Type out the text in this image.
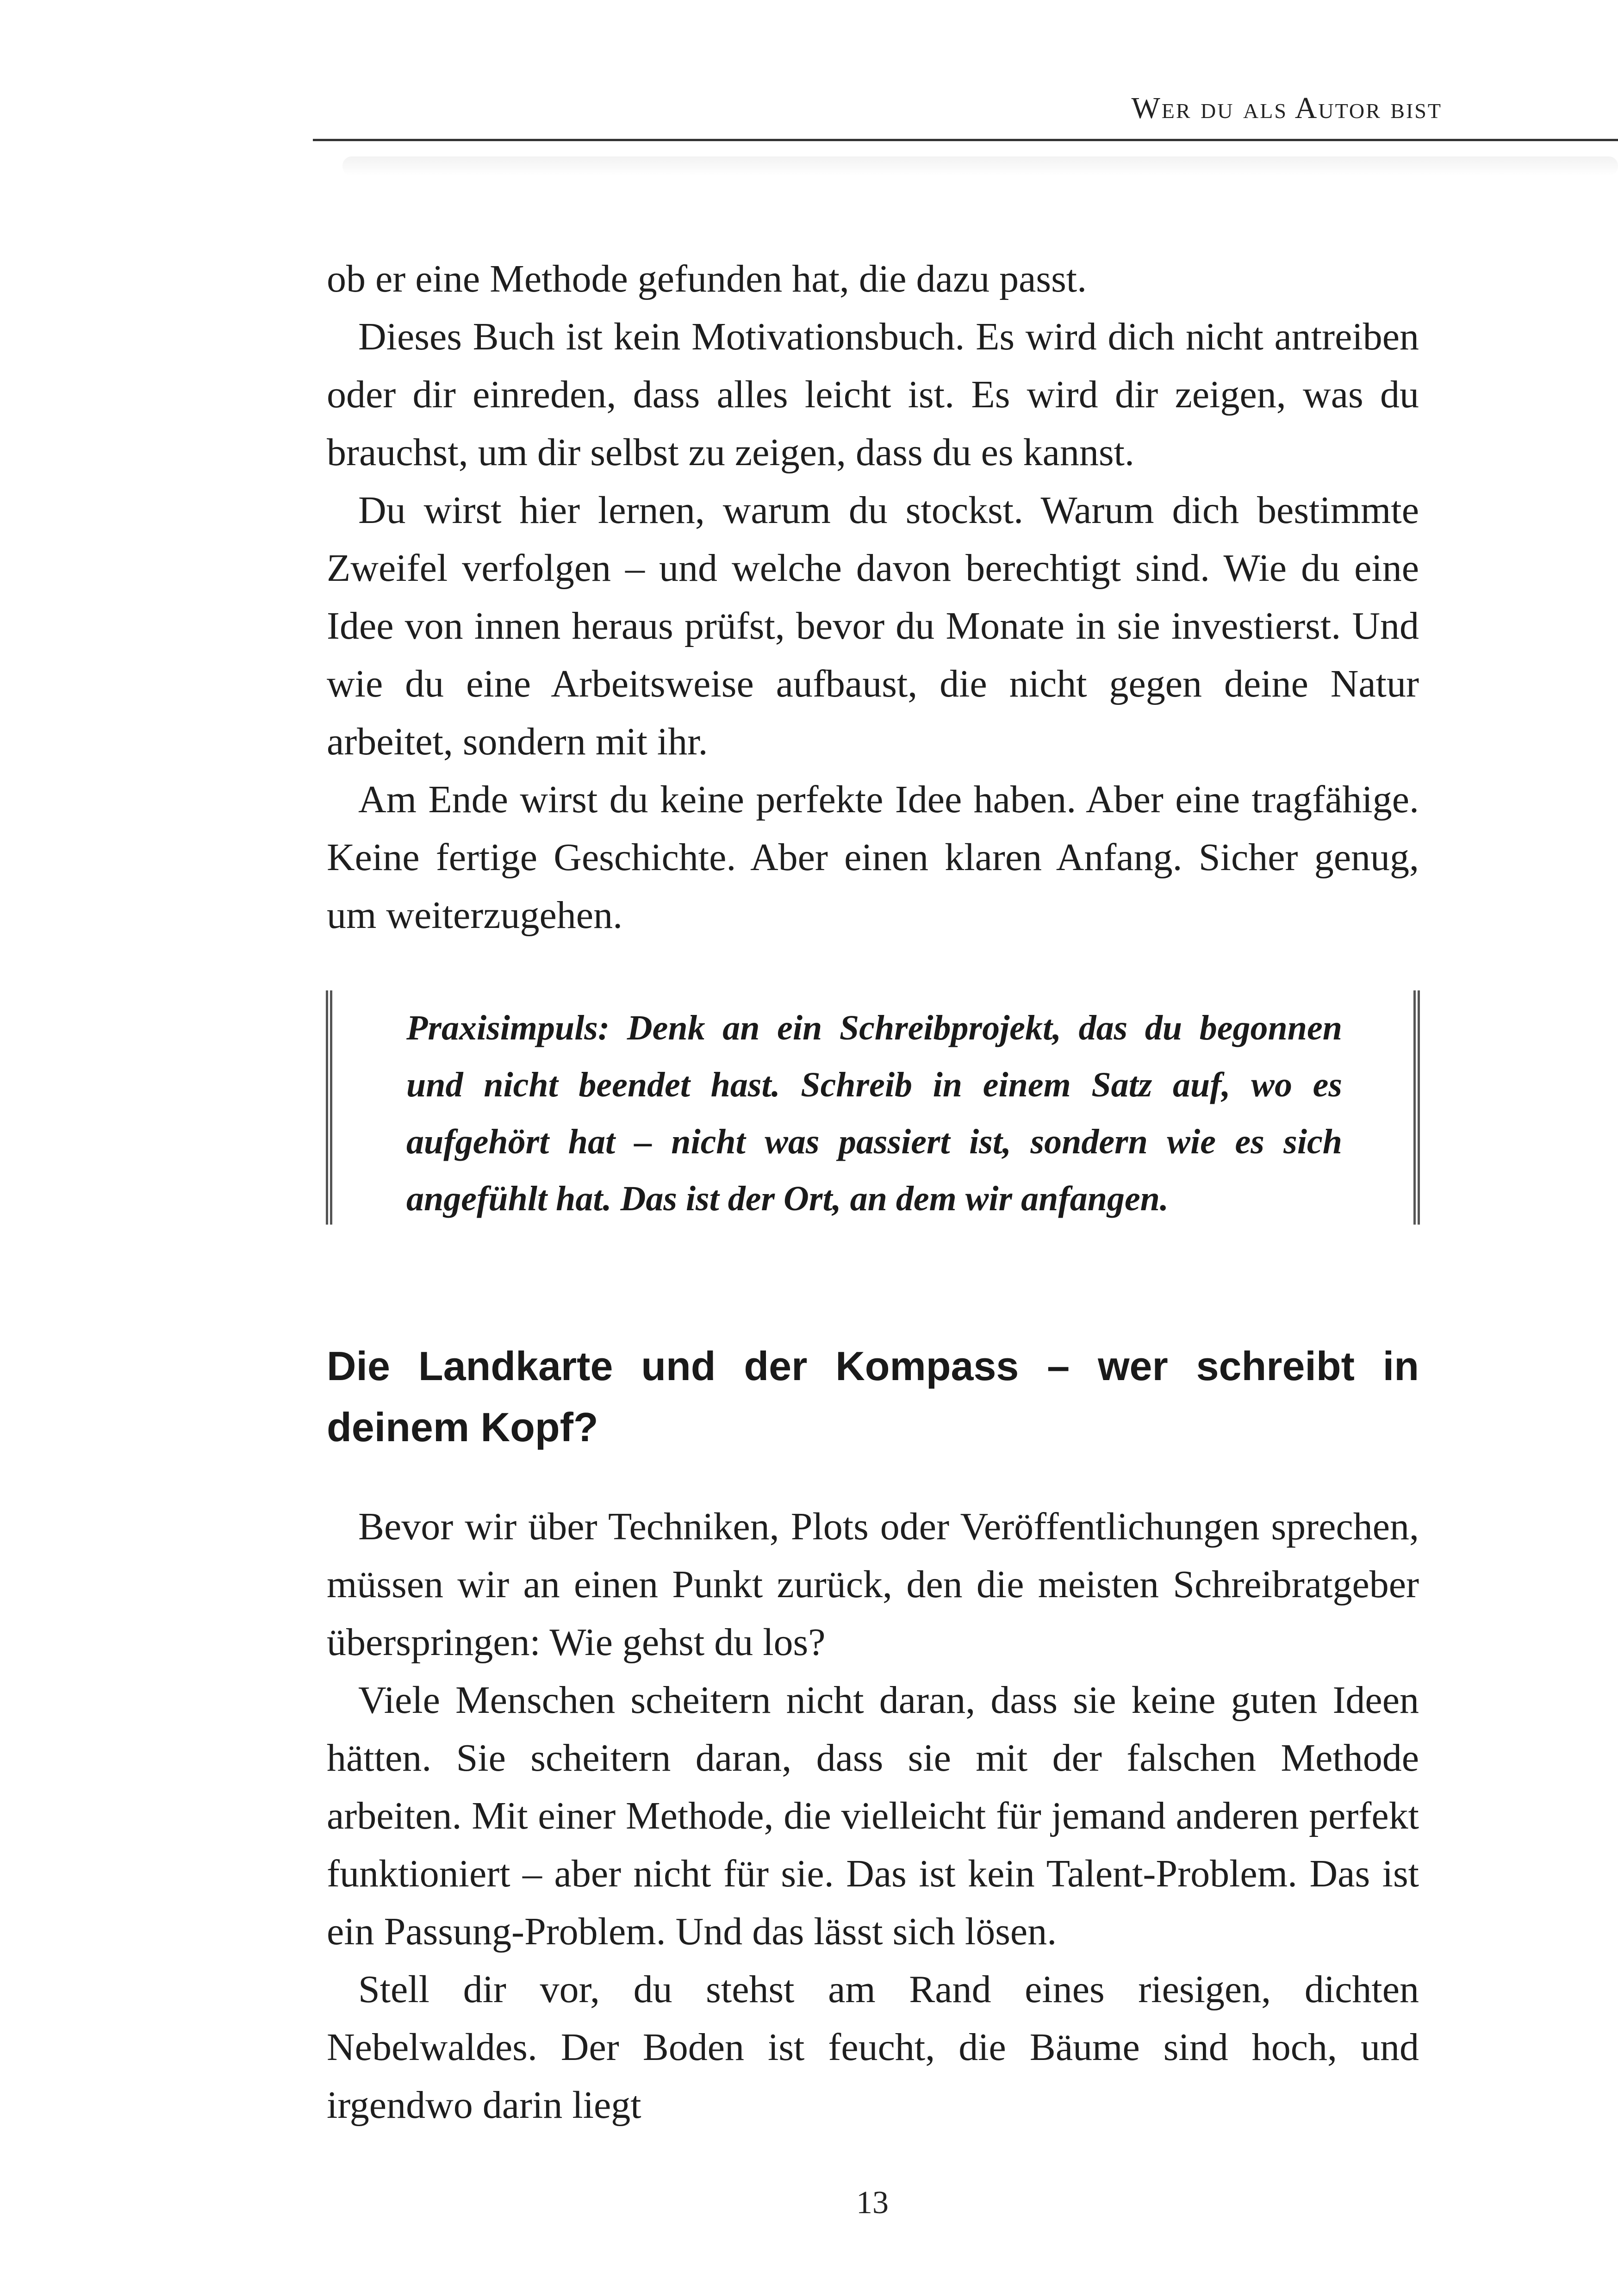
Wer du als Autor bist

ob er eine Methode gefunden hat, die dazu passt.

Dieses Buch ist kein Motivationsbuch. Es wird dich nicht antreiben oder dir einreden, dass alles leicht ist. Es wird dir zeigen, was du brauchst, um dir selbst zu zeigen, dass du es kannst.

Du wirst hier lernen, warum du stockst. Warum dich bestimmte Zweifel verfolgen – und welche davon berechtigt sind. Wie du eine Idee von innen heraus prüfst, bevor du Monate in sie investierst. Und wie du eine Arbeitsweise aufbaust, die nicht gegen deine Natur arbeitet, sondern mit ihr.

Am Ende wirst du keine perfekte Idee haben. Aber eine tragfähige. Keine fertige Geschichte. Aber einen klaren Anfang. Sicher genug, um weiterzugehen.

Praxisimpuls: Denk an ein Schreibprojekt, das du begonnen und nicht beendet hast. Schreib in einem Satz auf, wo es aufgehört hat – nicht was passiert ist, sondern wie es sich angefühlt hat. Das ist der Ort, an dem wir anfangen.

Die Landkarte und der Kompass – wer schreibt in deinem Kopf?

Bevor wir über Techniken, Plots oder Veröffentlichungen sprechen, müssen wir an einen Punkt zurück, den die meisten Schreibratgeber überspringen: Wie gehst du los?

Viele Menschen scheitern nicht daran, dass sie keine guten Ideen hätten. Sie scheitern daran, dass sie mit der falschen Methode arbeiten. Mit einer Methode, die vielleicht für jemand anderen perfekt funktioniert – aber nicht für sie. Das ist kein Talent-Problem. Das ist ein Passung-Problem. Und das lässt sich lösen.

Stell dir vor, du stehst am Rand eines riesigen, dichten Nebelwaldes. Der Boden ist feucht, die Bäume sind hoch, und irgendwo darin liegt

13
